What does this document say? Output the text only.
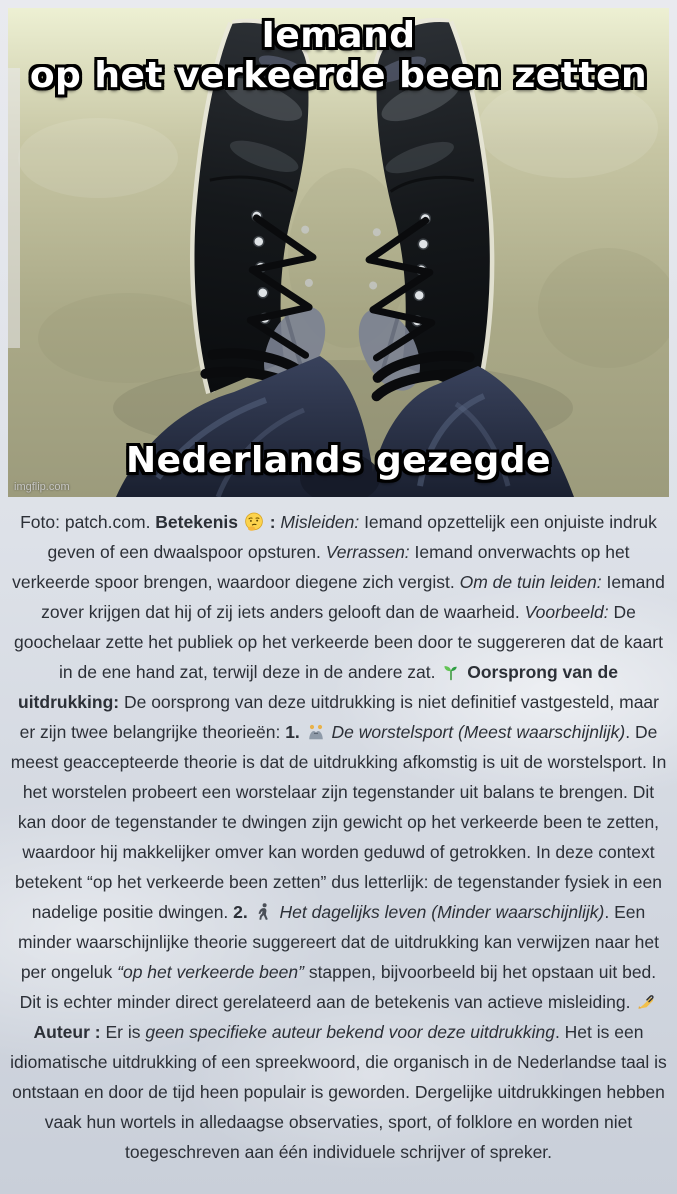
Iemand
op het verkeerde been zetten
Nederlands gezegde
imgflip.com
Foto: patch.com. Betekenis
: Misleiden: Iemand opzettelijk een onjuiste indruk geven of een dwaalspoor opsturen. Verrassen: Iemand onverwachts op het verkeerde spoor brengen, waardoor diegene zich vergist. Om de tuin leiden: Iemand zover krijgen dat hij of zij iets anders gelooft dan de waarheid. Voorbeeld: De goochelaar zette het publiek op het verkeerde been door te suggereren dat de kaart in de ene hand zat, terwijl deze in de andere zat.
Oorsprong van de uitdrukking: De oorsprong van deze uitdrukking is niet definitief vastgesteld, maar er zijn twee belangrijke theorieën: 1.
De worstelsport (Meest waarschijnlijk). De meest geaccepteerde theorie is dat de uitdrukking afkomstig is uit de worstelsport. In het worstelen probeert een worstelaar zijn tegenstander uit balans te brengen. Dit kan door de tegenstander te dwingen zijn gewicht op het verkeerde been te zetten, waardoor hij makkelijker omver kan worden geduwd of getrokken. In deze context betekent “op het verkeerde been zetten” dus letterlijk: de tegenstander fysiek in een nadelige positie dwingen. 2.
Het dagelijks leven (Minder waarschijnlijk). Een minder waarschijnlijke theorie suggereert dat de uitdrukking kan verwijzen naar het per ongeluk “op het verkeerde been” stappen, bijvoorbeeld bij het opstaan uit bed. Dit is echter minder direct gerelateerd aan de betekenis van actieve misleiding.
Auteur : Er is geen specifieke auteur bekend voor deze uitdrukking. Het is een idiomatische uitdrukking of een spreekwoord, die organisch in de Nederlandse taal is ontstaan en door de tijd heen populair is geworden. Dergelijke uitdrukkingen hebben vaak hun wortels in alledaagse observaties, sport, of folklore en worden niet toegeschreven aan één individuele schrijver of spreker.
